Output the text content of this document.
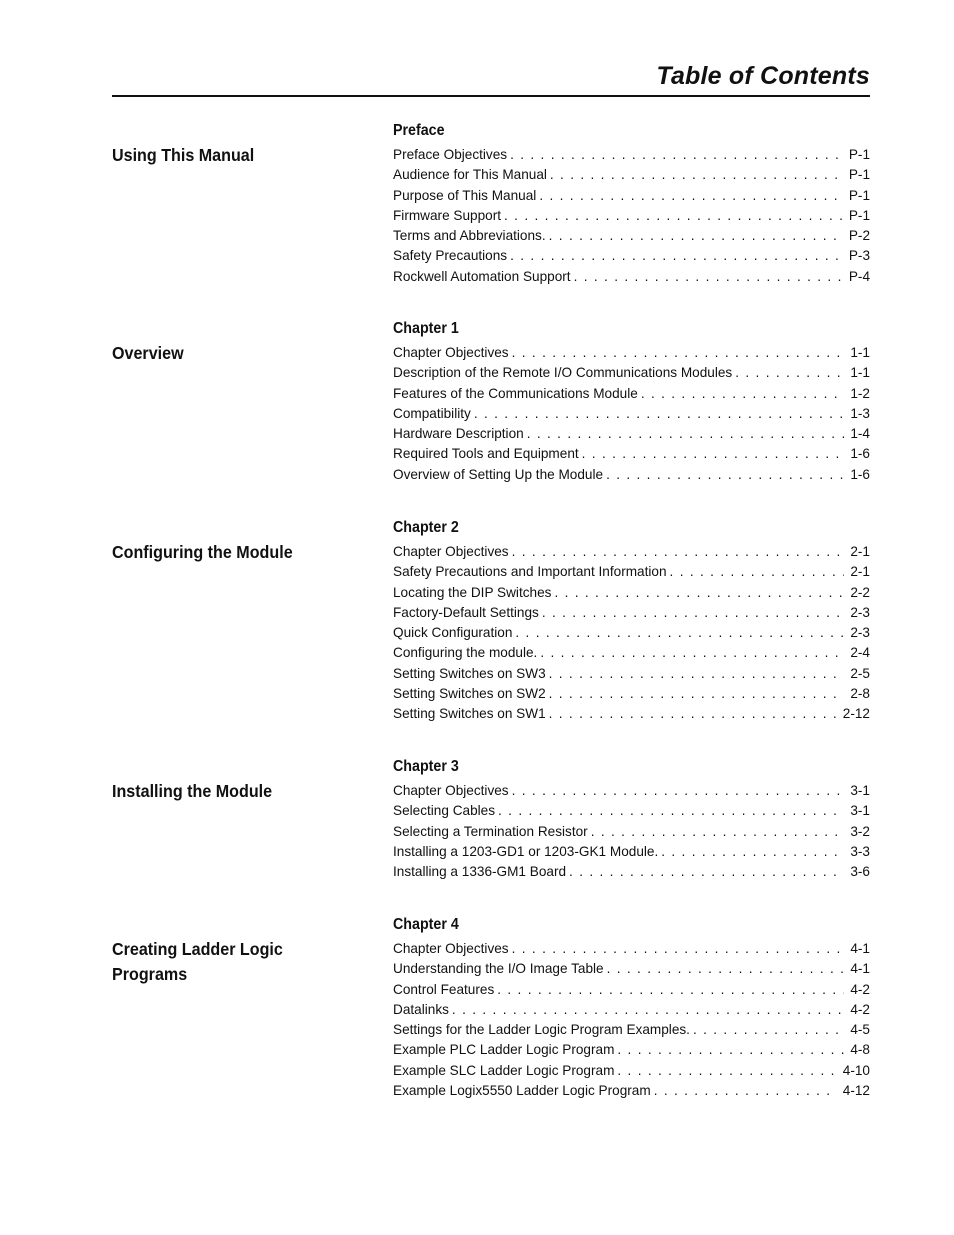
Table of Contents
Preface
Using This Manual	Preface Objectives . . .	P-1
Audience for This Manual . . .	P-1
Purpose of This Manual . . .	P-1
Firmware Support . . .	P-1
Terms and Abbreviations. . . .	P-2
Safety Precautions . . .	P-3
Rockwell Automation Support . . .	P-4
Chapter 1
Overview	Chapter Objectives . . .	1-1
Description of the Remote I/O Communications Modules . . .	1-1
Features of the Communications Module . . .	1-2
Compatibility . . .	1-3
Hardware Description . . .	1-4
Required Tools and Equipment . . .	1-6
Overview of Setting Up the Module . . .	1-6
Chapter 2
Configuring the Module	Chapter Objectives . . .	2-1
Safety Precautions and Important Information . . .	2-1
Locating the DIP Switches . . .	2-2
Factory-Default Settings . . .	2-3
Quick Configuration . . .	2-3
Configuring the module. . . .	2-4
Setting Switches on SW3 . . .	2-5
Setting Switches on SW2 . . .	2-8
Setting Switches on SW1 . . .	2-12
Chapter 3
Installing the Module	Chapter Objectives . . .	3-1
Selecting Cables . . .	3-1
Selecting a Termination Resistor . . .	3-2
Installing a 1203-GD1 or 1203-GK1 Module. . . .	3-3
Installing a 1336-GM1 Board . . .	3-6
Chapter 4
Creating Ladder Logic Programs
Chapter Objectives . . .	4-1
Understanding the I/O Image Table . . .	4-1
Control Features . . .	4-2
Datalinks . . .	4-2
Settings for the Ladder Logic Program Examples. . . .	4-5
Example PLC Ladder Logic Program . . .	4-8
Example SLC Ladder Logic Program . . .	4-10
Example Logix5550 Ladder Logic Program . . .	4-12
